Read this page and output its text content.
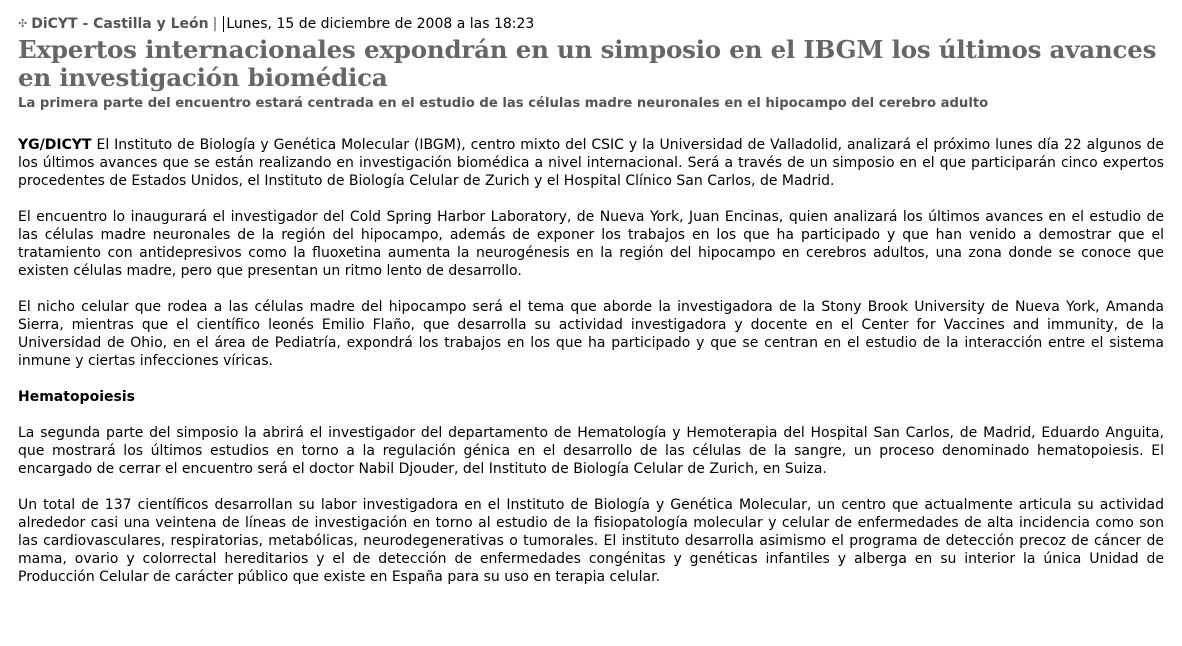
✣ DiCYT - Castilla y León | Lunes, 15 de diciembre de 2008 a las 18:23
Expertos internacionales expondrán en un simposio en el IBGM los últimos avances en investigación biomédica
La primera parte del encuentro estará centrada en el estudio de las células madre neuronales en el hipocampo del cerebro adulto

YG/DICYT El Instituto de Biología y Genética Molecular (IBGM), centro mixto del CSIC y la Universidad de Valladolid, analizará el próximo lunes día 22 algunos de los últimos avances que se están realizando en investigación biomédica a nivel internacional. Será a través de un simposio en el que participarán cinco expertos procedentes de Estados Unidos, el Instituto de Biología Celular de Zurich y el Hospital Clínico San Carlos, de Madrid.

El encuentro lo inaugurará el investigador del Cold Spring Harbor Laboratory, de Nueva York, Juan Encinas, quien analizará los últimos avances en el estudio de las células madre neuronales de la región del hipocampo, además de exponer los trabajos en los que ha participado y que han venido a demostrar que el tratamiento con antidepresivos como la fluoxetina aumenta la neurogénesis en la región del hipocampo en cerebros adultos, una zona donde se conoce que existen células madre, pero que presentan un ritmo lento de desarrollo.

El nicho celular que rodea a las células madre del hipocampo será el tema que aborde la investigadora de la Stony Brook University de Nueva York, Amanda Sierra, mientras que el científico leonés Emilio Flaño, que desarrolla su actividad investigadora y docente en el Center for Vaccines and immunity, de la Universidad de Ohio, en el área de Pediatría, expondrá los trabajos en los que ha participado y que se centran en el estudio de la interacción entre el sistema inmune y ciertas infecciones víricas.

Hematopoiesis

La segunda parte del simposio la abrirá el investigador del departamento de Hematología y Hemoterapia del Hospital San Carlos, de Madrid, Eduardo Anguita, que mostrará los últimos estudios en torno a la regulación génica en el desarrollo de las células de la sangre, un proceso denominado hematopoiesis. El encargado de cerrar el encuentro será el doctor Nabil Djouder, del Instituto de Biología Celular de Zurich, en Suiza.

Un total de 137 científicos desarrollan su labor investigadora en el Instituto de Biología y Genética Molecular, un centro que actualmente articula su actividad alrededor casi una veintena de líneas de investigación en torno al estudio de la fisiopatología molecular y celular de enfermedades de alta incidencia como son las cardiovasculares, respiratorias, metabólicas, neurodegenerativas o tumorales. El instituto desarrolla asimismo el programa de detección precoz de cáncer de mama, ovario y colorrectal hereditarios y el de detección de enfermedades congénitas y genéticas infantiles y alberga en su interior la única Unidad de Producción Celular de carácter público que existe en España para su uso en terapia celular.
